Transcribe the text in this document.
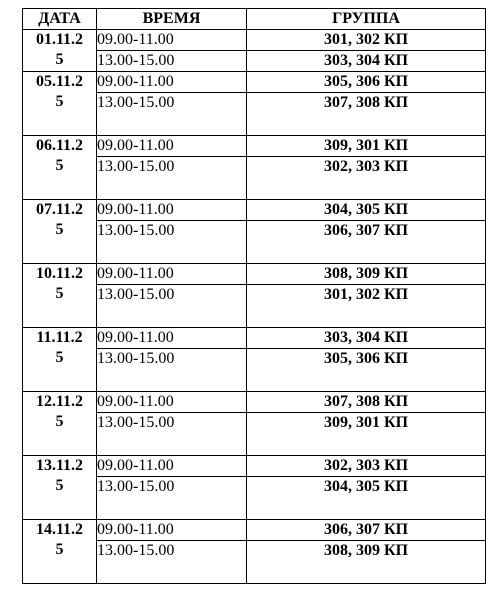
ДАТА	ВРЕМЯ	ГРУППА

01.11.2
5	09.00-11.00	301, 302 КП
	13.00-15.00	303, 304 КП

05.11.2
5	09.00-11.00	305, 306 КП
	13.00-15.00	307, 308 КП

06.11.2
5	09.00-11.00	309, 301 КП
	13.00-15.00	302, 303 КП

07.11.2
5	09.00-11.00	304, 305 КП
	13.00-15.00	306, 307 КП

10.11.2
5	09.00-11.00	308, 309 КП
	13.00-15.00	301, 302 КП

11.11.2
5	09.00-11.00	303, 304 КП
	13.00-15.00	305, 306 КП

12.11.2
5	09.00-11.00	307, 308 КП
	13.00-15.00	309, 301 КП

13.11.2
5	09.00-11.00	302, 303 КП
	13.00-15.00	304, 305 КП

14.11.2
5	09.00-11.00	306, 307 КП
	13.00-15.00	308, 309 КП
